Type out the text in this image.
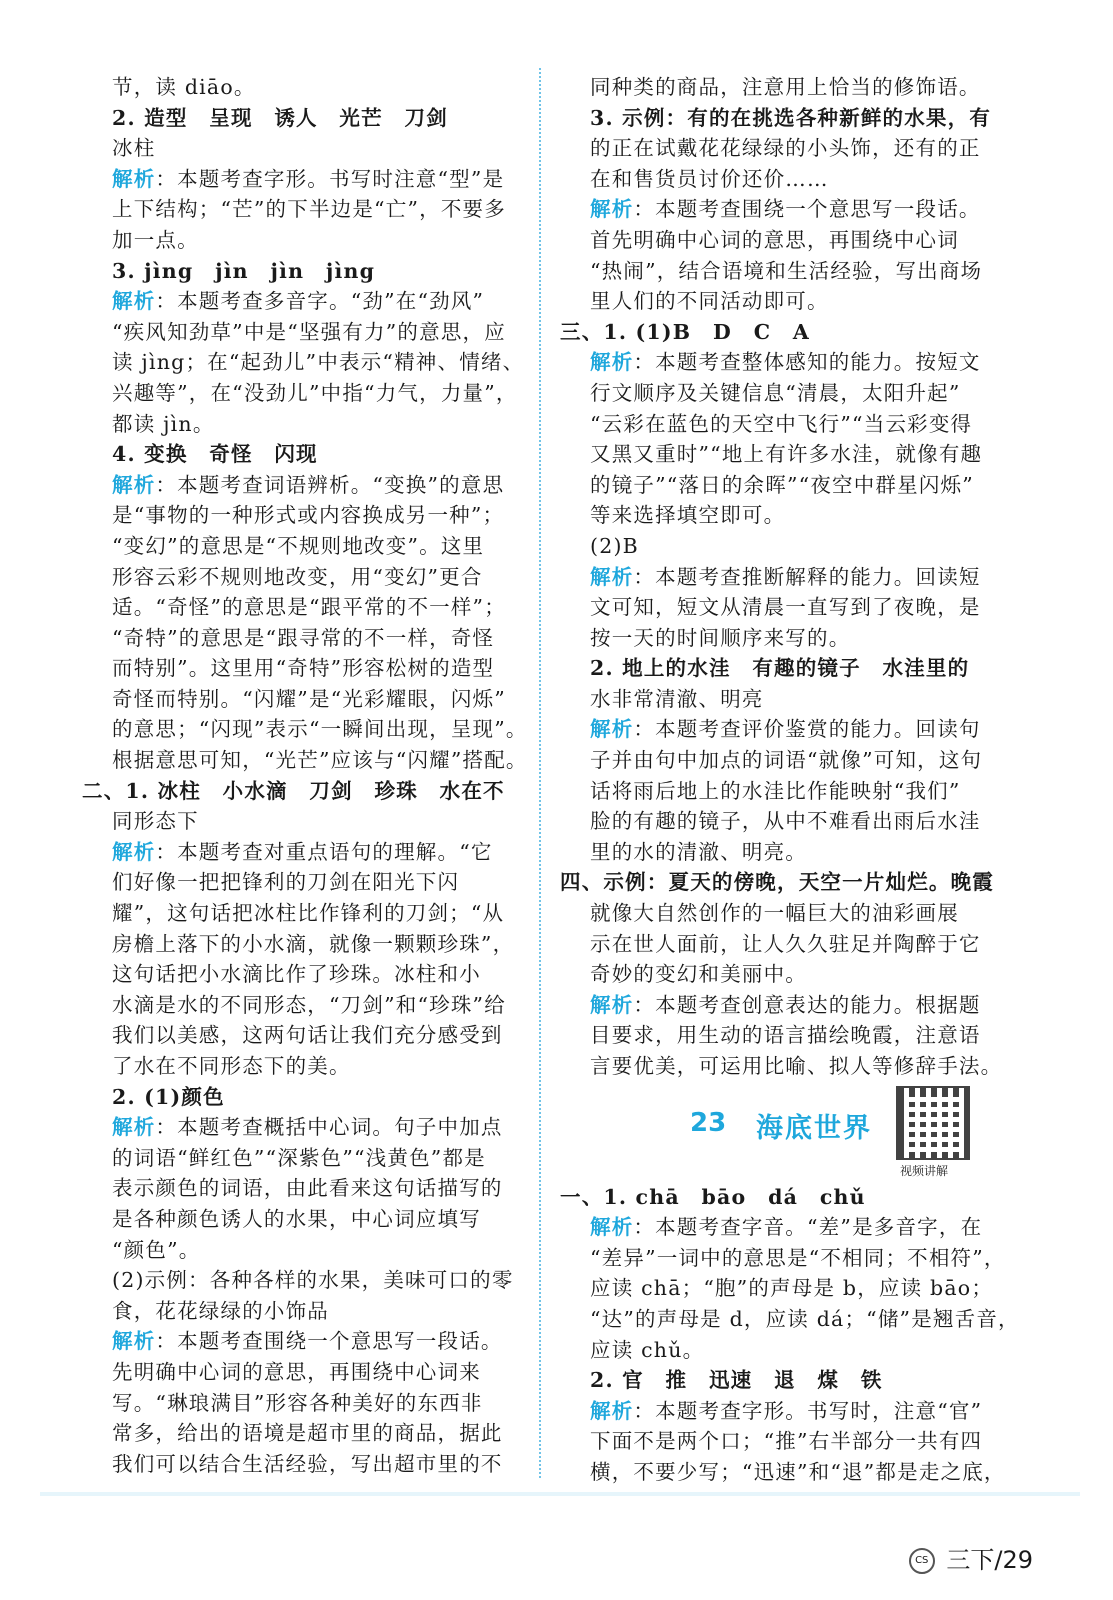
节，读 diāo。
2. 造型　呈现　诱人　光芒　刀剑
冰柱
解析：本题考查字形。书写时注意“型”是
上下结构；“芒”的下半边是“亡”，不要多
加一点。
3. jìng　jìn　jìn　jìng
解析：本题考查多音字。“劲”在“劲风”
“疾风知劲草”中是“坚强有力”的意思，应
读 jìng；在“起劲儿”中表示“精神、情绪、
兴趣等”，在“没劲儿”中指“力气，力量”，
都读 jìn。
4. 变换　奇怪　闪现
解析：本题考查词语辨析。“变换”的意思
是“事物的一种形式或内容换成另一种”；
“变幻”的意思是“不规则地改变”。这里
形容云彩不规则地改变，用“变幻”更合
适。“奇怪”的意思是“跟平常的不一样”；
“奇特”的意思是“跟寻常的不一样，奇怪
而特别”。这里用“奇特”形容松树的造型
奇怪而特别。“闪耀”是“光彩耀眼，闪烁”
的意思；“闪现”表示“一瞬间出现，呈现”。
根据意思可知，“光芒”应该与“闪耀”搭配。
二、1. 冰柱　小水滴　刀剑　珍珠　水在不
同形态下
解析：本题考查对重点语句的理解。“它
们好像一把把锋利的刀剑在阳光下闪
耀”，这句话把冰柱比作锋利的刀剑；“从
房檐上落下的小水滴，就像一颗颗珍珠”，
这句话把小水滴比作了珍珠。冰柱和小
水滴是水的不同形态，“刀剑”和“珍珠”给
我们以美感，这两句话让我们充分感受到
了水在不同形态下的美。
2. (1)颜色
解析：本题考查概括中心词。句子中加点
的词语“鲜红色”“深紫色”“浅黄色”都是
表示颜色的词语，由此看来这句话描写的
是各种颜色诱人的水果，中心词应填写
“颜色”。
(2)示例：各种各样的水果，美味可口的零
食，花花绿绿的小饰品
解析：本题考查围绕一个意思写一段话。
先明确中心词的意思，再围绕中心词来
写。“琳琅满目”形容各种美好的东西非
常多，给出的语境是超市里的商品，据此
我们可以结合生活经验，写出超市里的不
同种类的商品，注意用上恰当的修饰语。
3. 示例：有的在挑选各种新鲜的水果，有
的正在试戴花花绿绿的小头饰，还有的正
在和售货员讨价还价……
解析：本题考查围绕一个意思写一段话。
首先明确中心词的意思，再围绕中心词
“热闹”，结合语境和生活经验，写出商场
里人们的不同活动即可。
三、1. (1)B　D　C　A
解析：本题考查整体感知的能力。按短文
行文顺序及关键信息“清晨，太阳升起”
“云彩在蓝色的天空中飞行”“当云彩变得
又黑又重时”“地上有许多水洼，就像有趣
的镜子”“落日的余晖”“夜空中群星闪烁”
等来选择填空即可。
(2)B
解析：本题考查推断解释的能力。回读短
文可知，短文从清晨一直写到了夜晚，是
按一天的时间顺序来写的。
2. 地上的水洼　有趣的镜子　水洼里的
水非常清澈、明亮
解析：本题考查评价鉴赏的能力。回读句
子并由句中加点的词语“就像”可知，这句
话将雨后地上的水洼比作能映射“我们”
脸的有趣的镜子，从中不难看出雨后水洼
里的水的清澈、明亮。
四、示例：夏天的傍晚，天空一片灿烂。晚霞
就像大自然创作的一幅巨大的油彩画展
示在世人面前，让人久久驻足并陶醉于它
奇妙的变幻和美丽中。
解析：本题考查创意表达的能力。根据题
目要求，用生动的语言描绘晚霞，注意语
言要优美，可运用比喻、拟人等修辞手法。
23 海底世界
视频讲解
一、1. chā　bāo　dá　chǔ
解析：本题考查字音。“差”是多音字，在
“差异”一词中的意思是“不相同；不相符”，
应读 chā；“胞”的声母是 b，应读 bāo；
“达”的声母是 d，应读 dá；“储”是翘舌音，
应读 chǔ。
2. 官　推　迅速　退　煤　铁
解析：本题考查字形。书写时，注意“官”
下面不是两个口；“推”右半部分一共有四
横，不要少写；“迅速”和“退”都是走之底，
CS 三下/29
